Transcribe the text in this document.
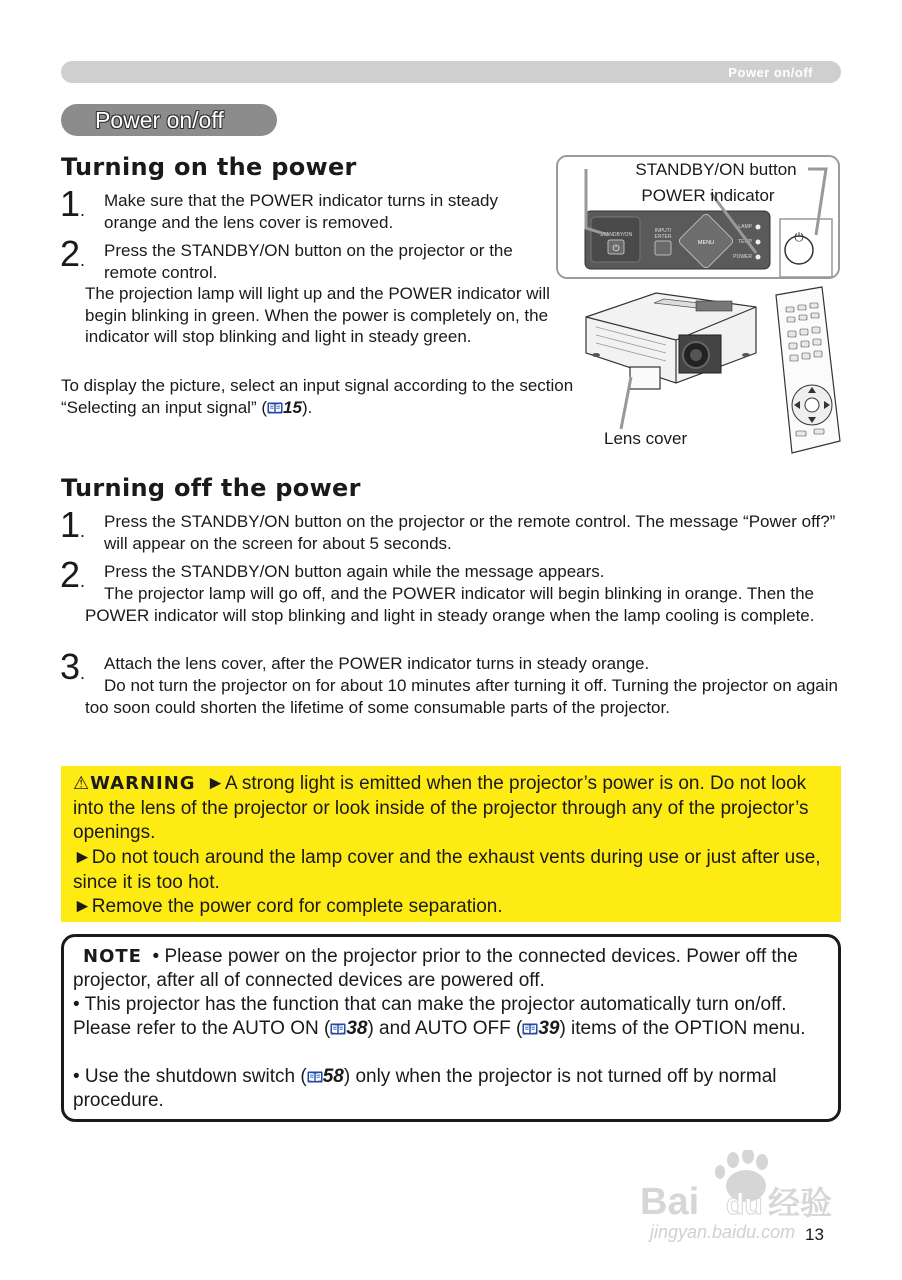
Power on/off
Power on/off
Turning on the power
1 . Make sure that the POWER indicator turns in steady orange and the lens cover is removed.

2 . Press the STANDBY/ON button on the projector or the remote control.

The projection lamp will light up and the POWER indicator will begin blinking in green. When the power is completely on, the indicator will stop blinking and light in steady green.

To display the picture, select an input signal according to the section “Selecting an input signal” ( 15).

STANDBY/ON
⏻
INPUT/
ENTER
MENU
LAMP
TEMP
POWER
⏻
STANDBY/ON button
POWER indicator
Lens cover
Turning off the power
1 . Press the STANDBY/ON button on the projector or the remote control. The message “Power off?” will appear on the screen for about 5 seconds.

2 . Press the STANDBY/ON button again while the message appears.

The projector lamp will go off, and the POWER indicator will begin blinking in orange. Then the POWER indicator will stop blinking and light in steady orange when the lamp cooling is complete.

3 . Attach the lens cover, after the POWER indicator turns in steady orange.

Do not turn the projector on for about 10 minutes after turning it off. Turning the projector on again too soon could shorten the lifetime of some consumable parts of the projector.

⚠WARNING ►A strong light is emitted when the projector’s power is on. Do not look into the lens of the projector or look inside of the projector through any of the projector’s openings.

►Do not touch around the lamp cover and the exhaust vents during use or just after use, since it is too hot.

►Remove the power cord for complete separation.

NOTE • Please power on the projector prior to the connected devices. Power off the projector, after all of connected devices are powered off.

• This projector has the function that can make the projector automatically turn on/off. Please refer to the AUTO ON ( 38) and AUTO OFF ( 39) items of the OPTION menu.

• Use the shutdown switch ( 58) only when the projector is not turned off by normal procedure.

Bai du 经验
jingyan.baidu.com 13
